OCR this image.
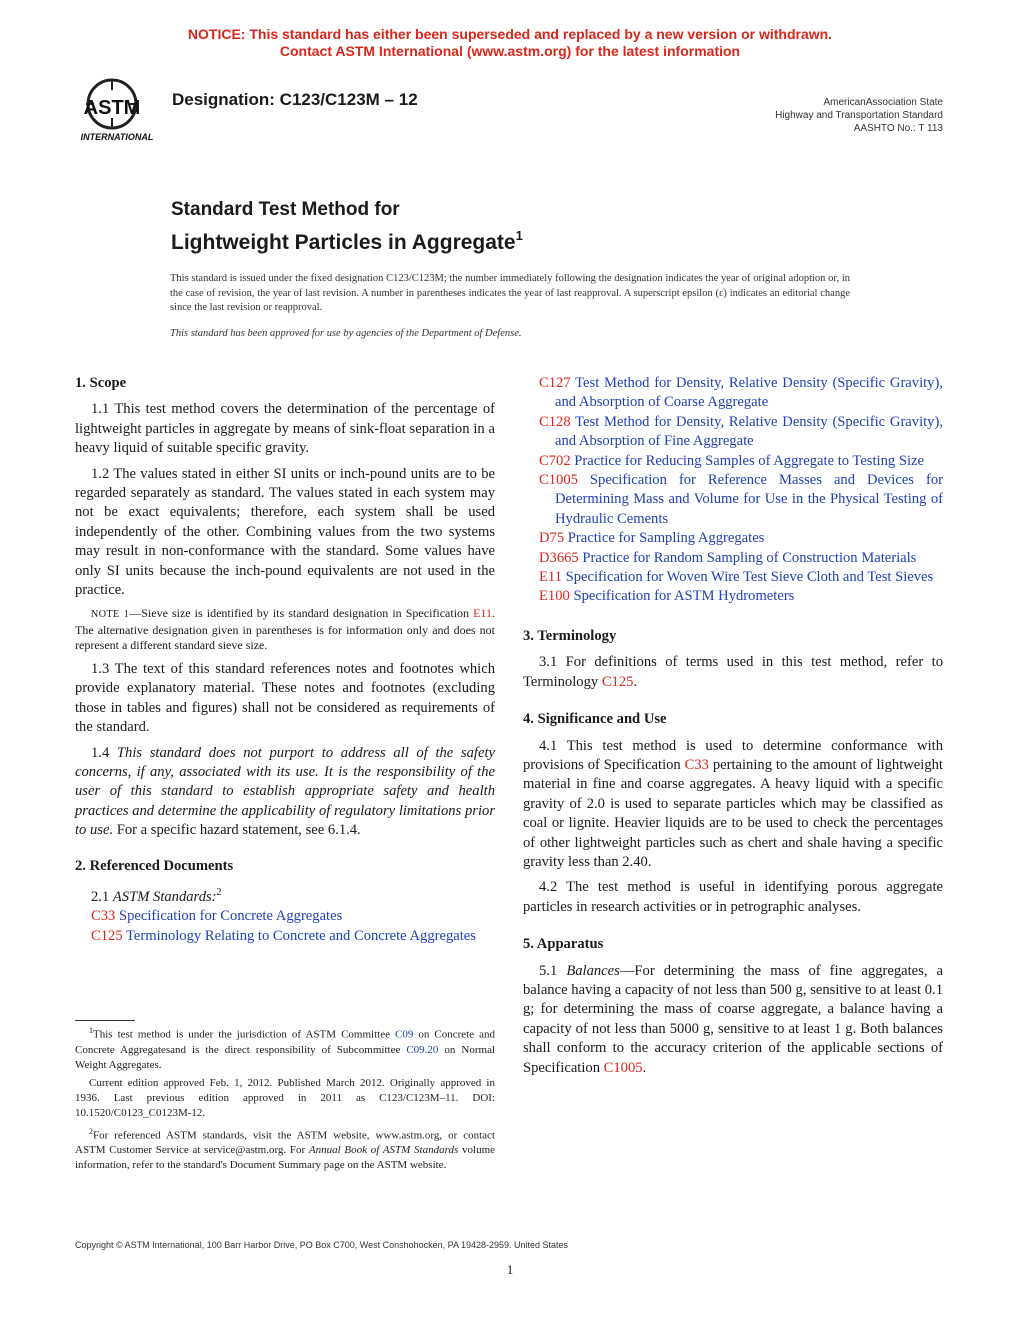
NOTICE: This standard has either been superseded and replaced by a new version or withdrawn.
Contact ASTM International (www.astm.org) for the latest information
ASTM
INTERNATIONAL
Designation: C123/C123M – 12	AmericanAssociation State
Highway and Transportation Standard
AASHTO No.: T 113
Standard Test Method for
Lightweight Particles in Aggregate$^1$
This standard is issued under the fixed designation C123/C123M; the number immediately following the designation indicates the year of original adoption or, in the case of revision, the year of last revision. A number in parentheses indicates the year of last reapproval. A superscript epsilon (ε) indicates an editorial change since the last revision or reapproval.
This standard has been approved for use by agencies of the Department of Defense.
1. Scope

1.1 This test method covers the determination of the percentage of lightweight particles in aggregate by means of sink-float separation in a heavy liquid of suitable specific gravity.

1.2 The values stated in either SI units or inch-pound units are to be regarded separately as standard. The values stated in each system may not be exact equivalents; therefore, each system shall be used independently of the other. Combining values from the two systems may result in non-conformance with the standard. Some values have only SI units because the inch-pound equivalents are not used in the practice.

NOTE 1—Sieve size is identified by its standard designation in Specification E11. The alternative designation given in parentheses is for information only and does not represent a different standard sieve size.

1.3 The text of this standard references notes and footnotes which provide explanatory material. These notes and footnotes (excluding those in tables and figures) shall not be considered as requirements of the standard.

1.4 This standard does not purport to address all of the safety concerns, if any, associated with its use. It is the responsibility of the user of this standard to establish appropriate safety and health practices and determine the applicability of regulatory limitations prior to use. For a specific hazard statement, see 6.1.4.

2. Referenced Documents

2.1 ASTM Standards:$^2$

C33 Specification for Concrete Aggregates
C125 Terminology Relating to Concrete and Concrete Aggregates
C127 Test Method for Density, Relative Density (Specific Gravity), and Absorption of Coarse Aggregate
C128 Test Method for Density, Relative Density (Specific Gravity), and Absorption of Fine Aggregate
C702 Practice for Reducing Samples of Aggregate to Testing Size
C1005 Specification for Reference Masses and Devices for Determining Mass and Volume for Use in the Physical Testing of Hydraulic Cements
D75 Practice for Sampling Aggregates
D3665 Practice for Random Sampling of Construction Materials
E11 Specification for Woven Wire Test Sieve Cloth and Test Sieves
E100 Specification for ASTM Hydrometers
3. Terminology

3.1 For definitions of terms used in this test method, refer to Terminology C125.

4. Significance and Use

4.1 This test method is used to determine conformance with provisions of Specification C33 pertaining to the amount of lightweight material in fine and coarse aggregates. A heavy liquid with a specific gravity of 2.0 is used to separate particles which may be classified as coal or lignite. Heavier liquids are to be used to check the percentages of other lightweight particles such as chert and shale having a specific gravity less than 2.40.

4.2 The test method is useful in identifying porous aggregate particles in research activities or in petrographic analyses.

5. Apparatus

5.1 Balances—For determining the mass of fine aggregates, a balance having a capacity of not less than 500 g, sensitive to at least 0.1 g; for determining the mass of coarse aggregate, a balance having a capacity of not less than 5000 g, sensitive to at least 1 g. Both balances shall conform to the accuracy criterion of the applicable sections of Specification C1005.

$^1$This test method is under the jurisdiction of ASTM Committee C09 on Concrete and Concrete Aggregatesand is the direct responsibility of Subcommittee C09.20 on Normal Weight Aggregates.

Current edition approved Feb. 1, 2012. Published March 2012. Originally approved in 1936. Last previous edition approved in 2011 as C123/C123M–11. DOI: 10.1520/C0123_C0123M-12.

$^2$For referenced ASTM standards, visit the ASTM website, www.astm.org, or contact ASTM Customer Service at service@astm.org. For Annual Book of ASTM Standards volume information, refer to the standard's Document Summary page on the ASTM website.

Copyright © ASTM International, 100 Barr Harbor Drive, PO Box C700, West Conshohocken, PA 19428-2959. United States
1
